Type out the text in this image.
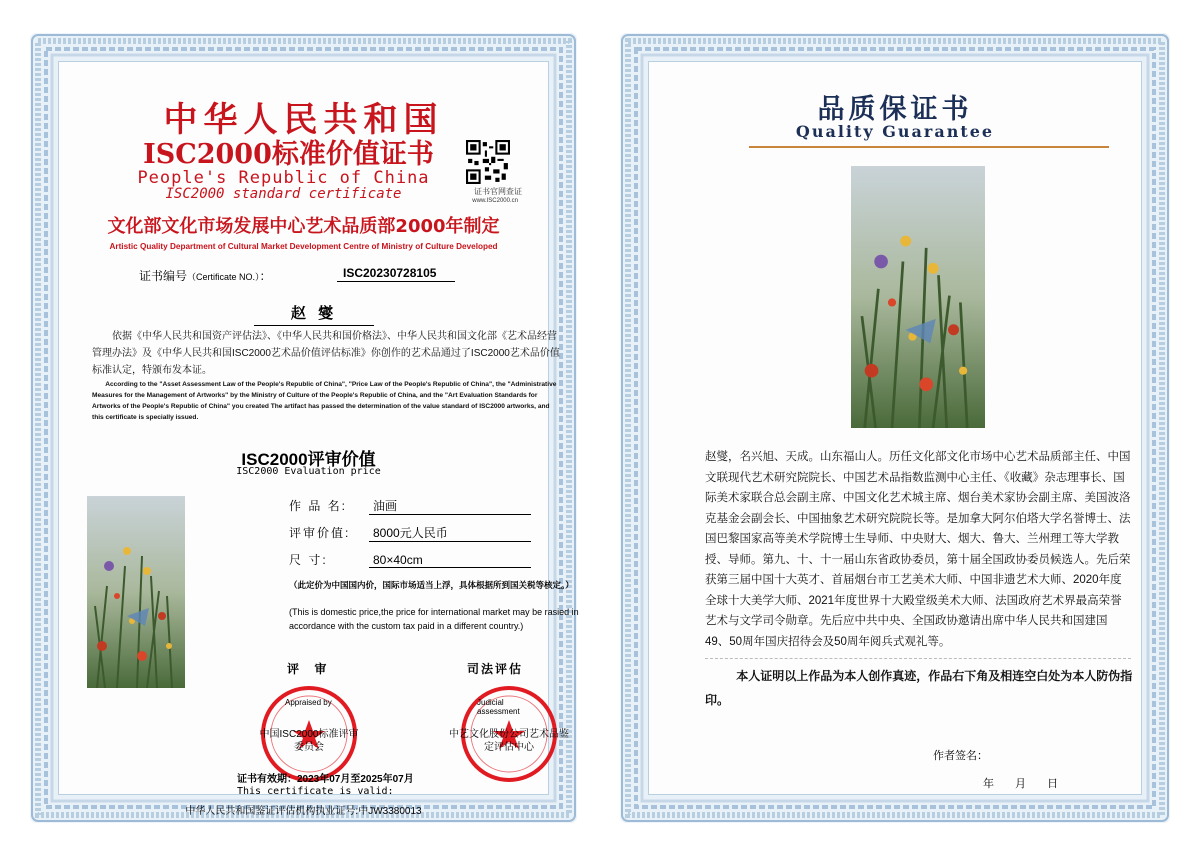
中华人民共和国
ISC2000标准价值证书
People's Republic of China
ISC2000 standard certificate	证书官网查证
www.ISC2000.cn
文化部文化市场发展中心艺术品质部2000年制定
Artistic Quality Department of Cultural Market Development Centre of Ministry of Culture Developed
证书编号（Certificate NO.）：	ISC20230728105
赵 燮
依据《中华人民共和国资产评估法》、《中华人民共和国价格法》、中华人民共和国文化部《艺术品经营管理办法》及《中华人民共和国ISC2000艺术品价值评估标准》你创作的艺术品通过了ISC2000艺术品价值标准认定，特颁布发本证。
According to the "Asset Assessment Law of the People's Republic of China", "Price Law of the People's Republic of China", the "Administrative Measures for the Management of Artworks" by the Ministry of Culture of the People's Republic of China, and the "Art Evaluation Standards for Artworks of the People's Republic of China" you created The artifact has passed the determination of the value standard of ISC2000 artworks, and this certificate is specially issued.
ISC2000评审价值
ISC2000 Evaluation price
作 品 名: 油画
评审价值: 8000元人民币
尺 寸:	80×40cm
（此定价为中国国内价，国际市场适当上浮，具体根据所到国关税等核定。）
(This is domestic price,the price for international market may be rasied in accordance with the custom tax paid in a different country.)
评 审	司法评估
Appraised by	Judicial assessment
中国ISC2000标准评审委员会
中艺文化股份公司艺术品鉴定评估中心
证书有效期：2023年07月至2025年07月
This certificate is valid:
中华人民共和国鉴证评估机构执业证号:中JW3380013
品质保证书
Quality Guarantee
赵燮，名兴旭、天成。山东福山人。历任文化部文化市场中心艺术品质部主任、中国文联现代艺术研究院院长、中国艺术品指数监测中心主任、《收藏》杂志理事长、国际美术家联合总会副主席、中国文化艺术城主席、烟台美术家协会副主席、美国波洛克基金会副会长、中国抽象艺术研究院院长等。是加拿大阿尔伯塔大学名誉博士、法国巴黎国家高等美术学院博士生导师、中央财大、烟大、鲁大、兰州理工等大学教授、导师。第九、十、十一届山东省政协委员，第十届全国政协委员候选人。先后荣获第三届中国十大英才、首届烟台市工艺美术大师、中国非遗艺术大师、2020年度全球十大美学大师、2021年度世界十大殿堂级美术大师、法国政府艺术界最高荣誉艺术与文学司令勋章。先后应中共中央、全国政协邀请出席中华人民共和国建国49、50周年国庆招待会及50周年阅兵式观礼等。
本人证明以上作品为本人创作真迹，作品右下角及相连空白处为本人防伪指印。
作者签名：
年 月 日
